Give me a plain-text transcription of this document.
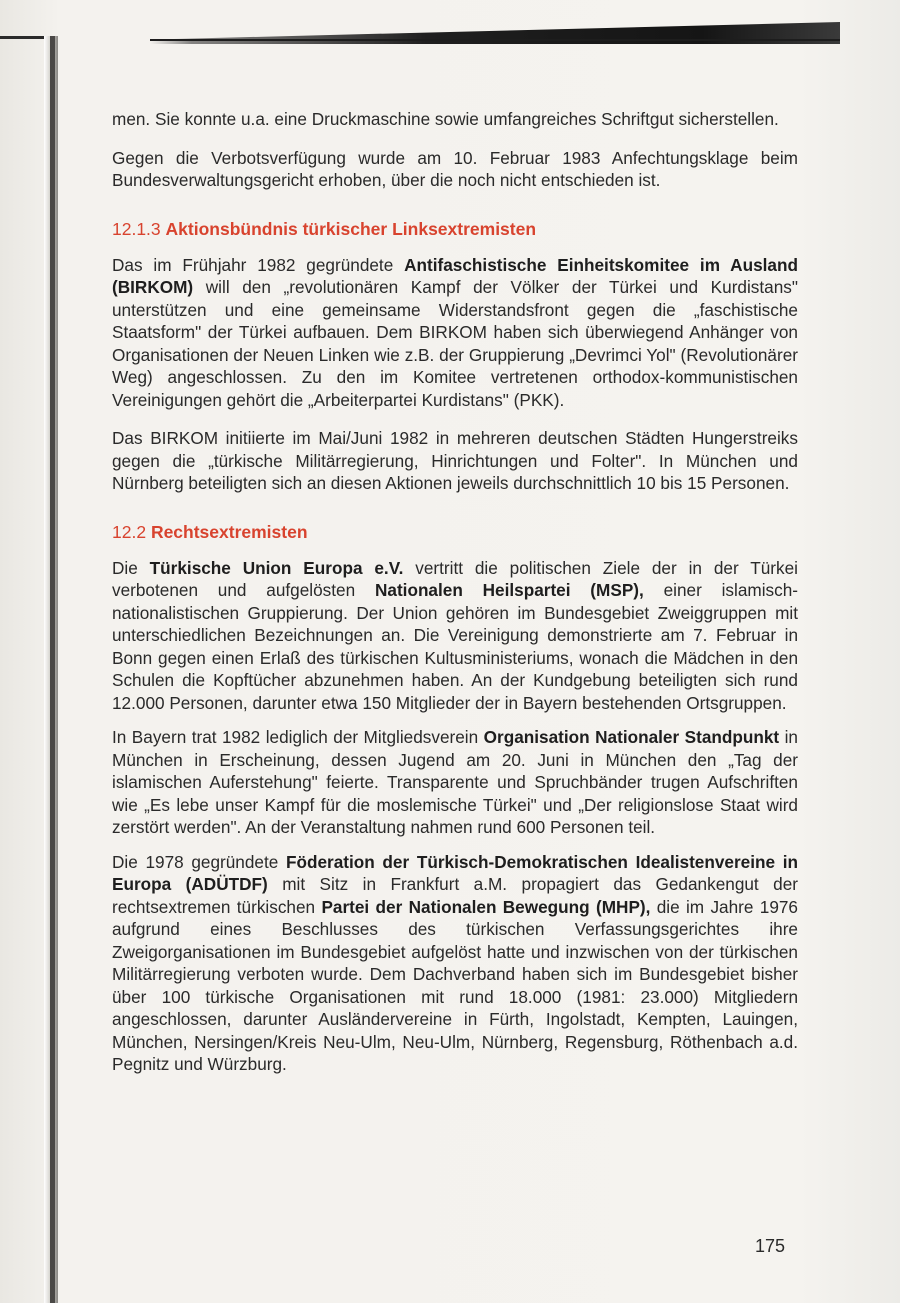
men. Sie konnte u.a. eine Druckmaschine sowie umfangreiches Schriftgut sicherstellen.

Gegen die Verbotsverfügung wurde am 10. Februar 1983 Anfechtungsklage beim Bundesverwaltungsgericht erhoben, über die noch nicht entschieden ist.

12.1.3 Aktionsbündnis türkischer Linksextremisten

Das im Frühjahr 1982 gegründete Antifaschistische Einheitskomitee im Ausland (BIRKOM) will den „revolutionären Kampf der Völker der Türkei und Kurdistans" unterstützen und eine gemeinsame Widerstandsfront gegen die „faschistische Staatsform" der Türkei aufbauen. Dem BIRKOM haben sich überwiegend Anhänger von Organisationen der Neuen Linken wie z.B. der Gruppierung „Devrimci Yol" (Revolutionärer Weg) angeschlossen. Zu den im Komitee vertretenen orthodox-kommunistischen Vereinigungen gehört die „Arbeiterpartei Kurdistans" (PKK).

Das BIRKOM initiierte im Mai/Juni 1982 in mehreren deutschen Städten Hungerstreiks gegen die „türkische Militärregierung, Hinrichtungen und Folter". In München und Nürnberg beteiligten sich an diesen Aktionen jeweils durchschnittlich 10 bis 15 Personen.

12.2 Rechtsextremisten

Die Türkische Union Europa e.V. vertritt die politischen Ziele der in der Türkei verbotenen und aufgelösten Nationalen Heilspartei (MSP), einer islamisch-nationalistischen Gruppierung. Der Union gehören im Bundesgebiet Zweiggruppen mit unterschiedlichen Bezeichnungen an. Die Vereinigung demonstrierte am 7. Februar in Bonn gegen einen Erlaß des türkischen Kultusministeriums, wonach die Mädchen in den Schulen die Kopftücher abzunehmen haben. An der Kundgebung beteiligten sich rund 12.000 Personen, darunter etwa 150 Mitglieder der in Bayern bestehenden Ortsgruppen.

In Bayern trat 1982 lediglich der Mitgliedsverein Organisation Nationaler Standpunkt in München in Erscheinung, dessen Jugend am 20. Juni in München den „Tag der islamischen Auferstehung" feierte. Transparente und Spruchbänder trugen Aufschriften wie „Es lebe unser Kampf für die moslemische Türkei" und „Der religionslose Staat wird zerstört werden". An der Veranstaltung nahmen rund 600 Personen teil.

Die 1978 gegründete Föderation der Türkisch-Demokratischen Idealistenvereine in Europa (ADÜTDF) mit Sitz in Frankfurt a.M. propagiert das Gedankengut der rechtsextremen türkischen Partei der Nationalen Bewegung (MHP), die im Jahre 1976 aufgrund eines Beschlusses des türkischen Verfassungsgerichtes ihre Zweigorganisationen im Bundesgebiet aufgelöst hatte und inzwischen von der türkischen Militärregierung verboten wurde. Dem Dachverband haben sich im Bundesgebiet bisher über 100 türkische Organisationen mit rund 18.000 (1981: 23.000) Mitgliedern angeschlossen, darunter Ausländervereine in Fürth, Ingolstadt, Kempten, Lauingen, München, Nersingen/Kreis Neu-Ulm, Neu-Ulm, Nürnberg, Regensburg, Röthenbach a.d. Pegnitz und Würzburg.

175
